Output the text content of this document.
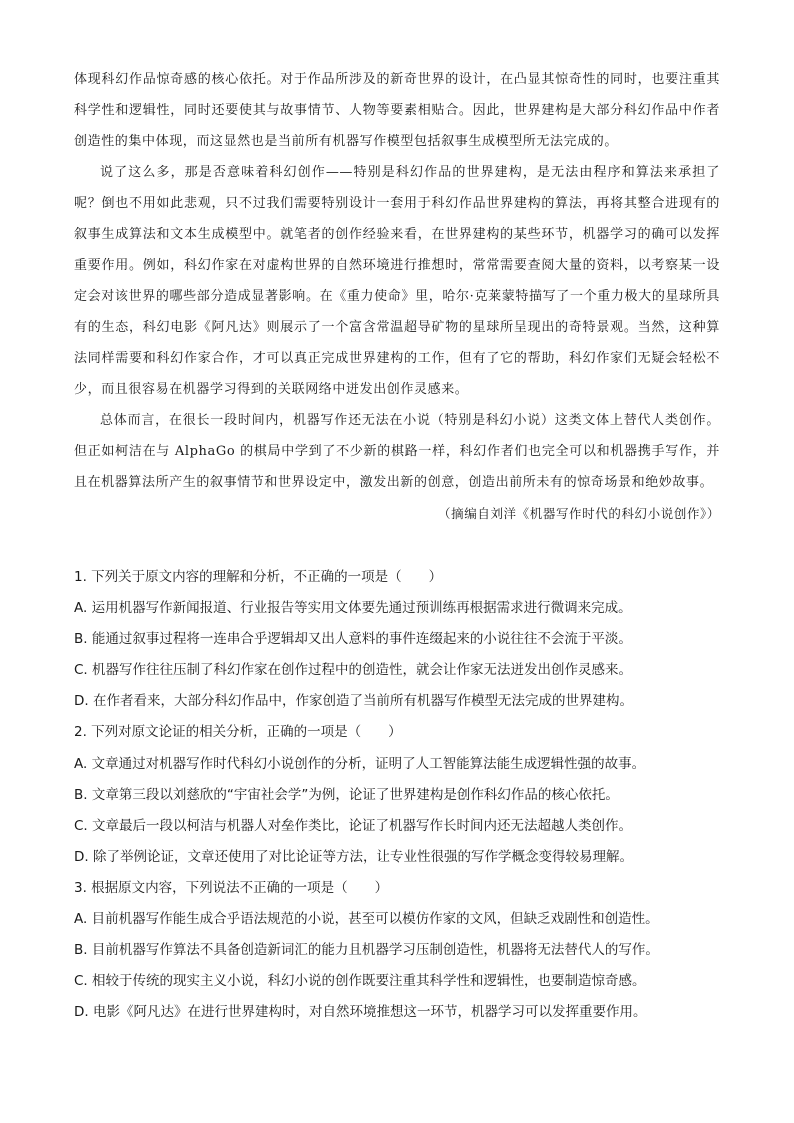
体现科幻作品惊奇感的核心依托。对于作品所涉及的新奇世界的设计，在凸显其惊奇性的同时，也要注重其科学性和逻辑性，同时还要使其与故事情节、人物等要素相贴合。因此，世界建构是大部分科幻作品中作者创造性的集中体现，而这显然也是当前所有机器写作模型包括叙事生成模型所无法完成的。

说了这么多，那是否意味着科幻创作——特别是科幻作品的世界建构，是无法由程序和算法来承担了呢？倒也不用如此悲观，只不过我们需要特别设计一套用于科幻作品世界建构的算法，再将其整合进现有的叙事生成算法和文本生成模型中。就笔者的创作经验来看，在世界建构的某些环节，机器学习的确可以发挥重要作用。例如，科幻作家在对虚构世界的自然环境进行推想时，常常需要查阅大量的资料，以考察某一设定会对该世界的哪些部分造成显著影响。在《重力使命》里，哈尔·克莱蒙特描写了一个重力极大的星球所具有的生态，科幻电影《阿凡达》则展示了一个富含常温超导矿物的星球所呈现出的奇特景观。当然，这种算法同样需要和科幻作家合作，才可以真正完成世界建构的工作，但有了它的帮助，科幻作家们无疑会轻松不少，而且很容易在机器学习得到的关联网络中迸发出创作灵感来。

总体而言，在很长一段时间内，机器写作还无法在小说（特别是科幻小说）这类文体上替代人类创作。但正如柯洁在与 AlphaGo 的棋局中学到了不少新的棋路一样，科幻作者们也完全可以和机器携手写作，并且在机器算法所产生的叙事情节和世界设定中，激发出新的创意，创造出前所未有的惊奇场景和绝妙故事。

（摘编自刘洋《机器写作时代的科幻小说创作》）

1. 下列关于原文内容的理解和分析，不正确的一项是（　　）

A. 运用机器写作新闻报道、行业报告等实用文体要先通过预训练再根据需求进行微调来完成。

B. 能通过叙事过程将一连串合乎逻辑却又出人意料的事件连缀起来的小说往往不会流于平淡。

C. 机器写作往往压制了科幻作家在创作过程中的创造性，就会让作家无法迸发出创作灵感来。

D. 在作者看来，大部分科幻作品中，作家创造了当前所有机器写作模型无法完成的世界建构。

2. 下列对原文论证的相关分析，正确的一项是（　　）

A. 文章通过对机器写作时代科幻小说创作的分析，证明了人工智能算法能生成逻辑性强的故事。

B. 文章第三段以刘慈欣的“宇宙社会学”为例，论证了世界建构是创作科幻作品的核心依托。

C. 文章最后一段以柯洁与机器人对垒作类比，论证了机器写作长时间内还无法超越人类创作。

D. 除了举例论证，文章还使用了对比论证等方法，让专业性很强的写作学概念变得较易理解。

3. 根据原文内容，下列说法不正确的一项是（　　）

A. 目前机器写作能生成合乎语法规范的小说，甚至可以模仿作家的文风，但缺乏戏剧性和创造性。

B. 目前机器写作算法不具备创造新词汇的能力且机器学习压制创造性，机器将无法替代人的写作。

C. 相较于传统的现实主义小说，科幻小说的创作既要注重其科学性和逻辑性，也要制造惊奇感。

D. 电影《阿凡达》在进行世界建构时，对自然环境推想这一环节，机器学习可以发挥重要作用。
